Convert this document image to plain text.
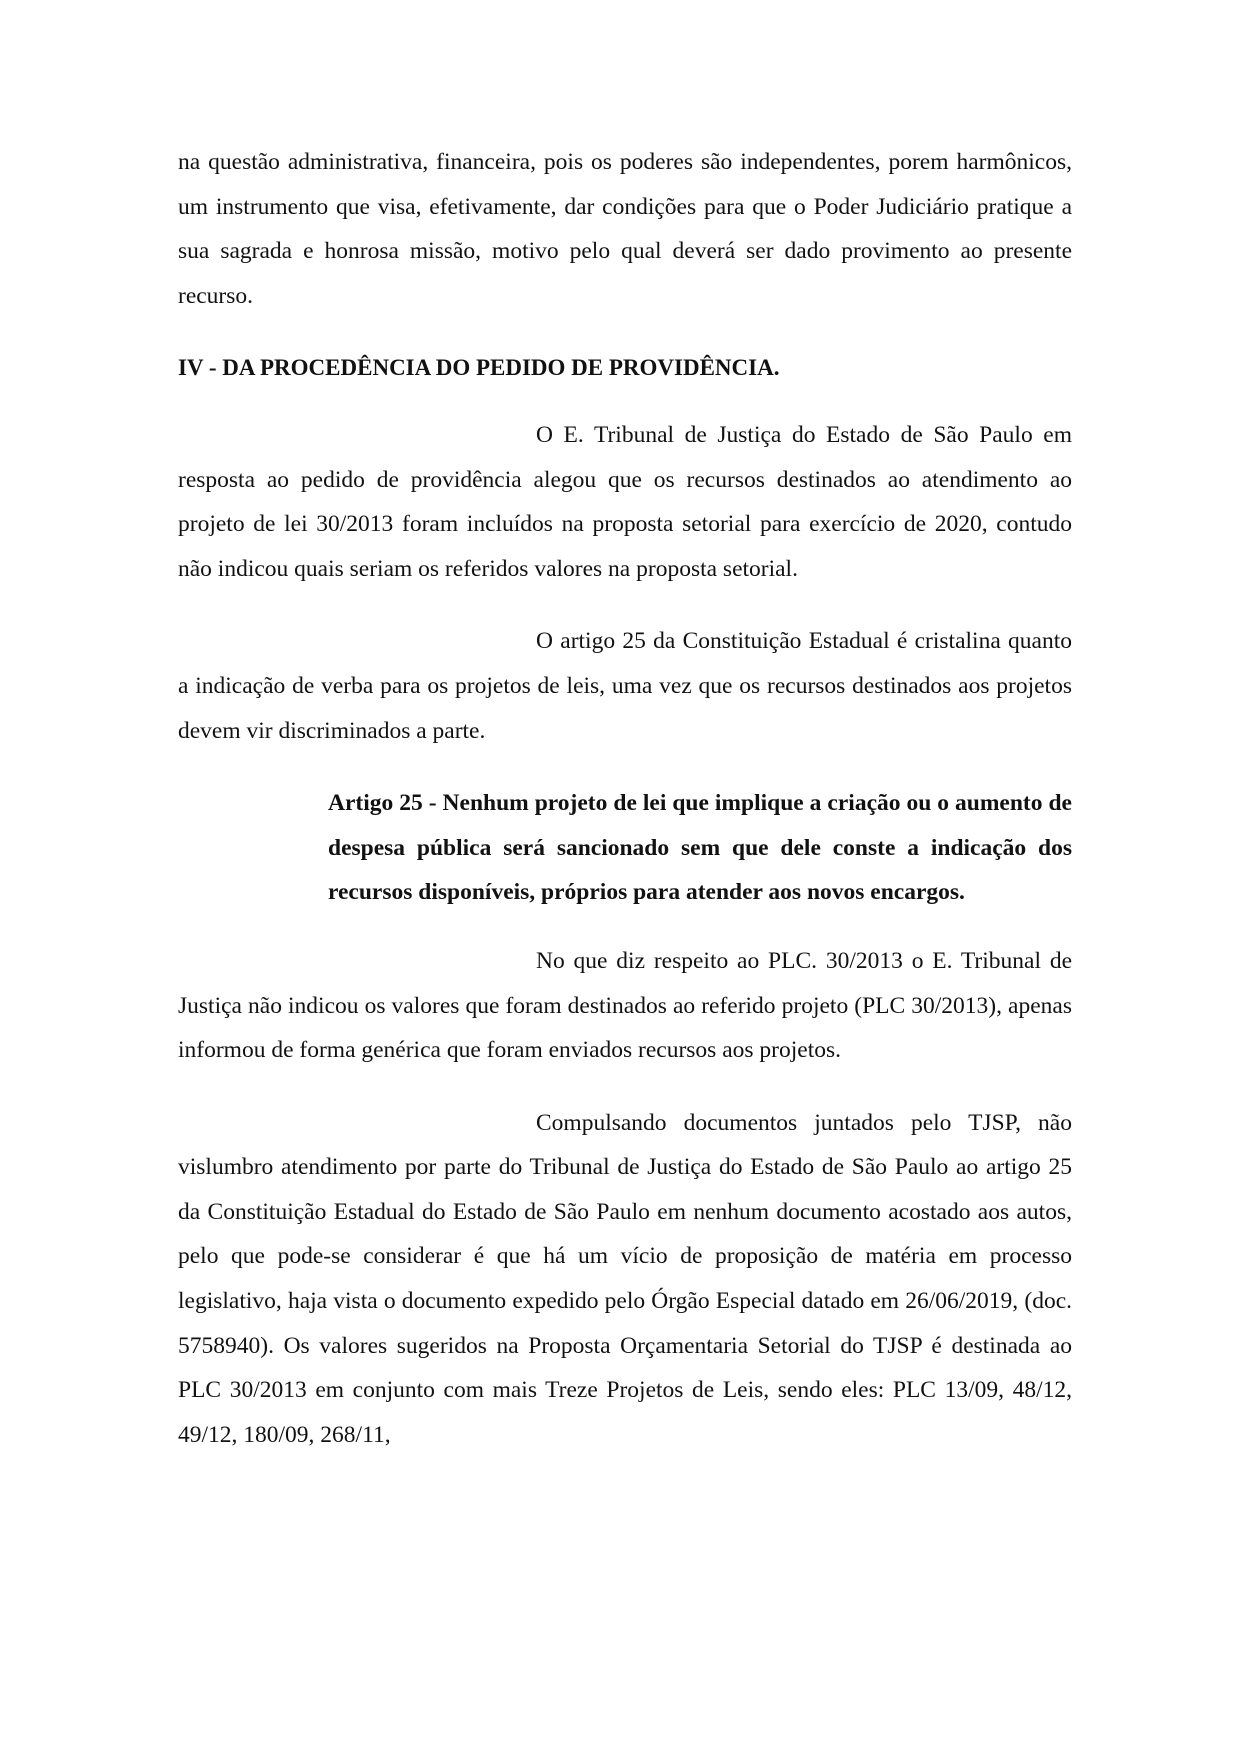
na questão administrativa, financeira, pois os poderes são independentes, porem harmônicos, um instrumento que visa, efetivamente, dar condições para que o Poder Judiciário pratique a sua sagrada e honrosa missão, motivo pelo qual deverá ser dado provimento ao presente recurso.

IV - DA PROCEDÊNCIA DO PEDIDO DE PROVIDÊNCIA.

O E. Tribunal de Justiça do Estado de São Paulo em resposta ao pedido de providência alegou que os recursos destinados ao atendimento ao projeto de lei 30/2013 foram incluídos na proposta setorial para exercício de 2020, contudo não indicou quais seriam os referidos valores na proposta setorial.

O artigo 25 da Constituição Estadual é cristalina quanto a indicação de verba para os projetos de leis, uma vez que os recursos destinados aos projetos devem vir discriminados a parte.

Artigo 25 - Nenhum projeto de lei que implique a criação ou o aumento de despesa pública será sancionado sem que dele conste a indicação dos recursos disponíveis, próprios para atender aos novos encargos.

No que diz respeito ao PLC. 30/2013 o E. Tribunal de Justiça não indicou os valores que foram destinados ao referido projeto (PLC 30/2013), apenas informou de forma genérica que foram enviados recursos aos projetos.

Compulsando documentos juntados pelo TJSP, não vislumbro atendimento por parte do Tribunal de Justiça do Estado de São Paulo ao artigo 25 da Constituição Estadual do Estado de São Paulo em nenhum documento acostado aos autos, pelo que pode-se considerar é que há um vício de proposição de matéria em processo legislativo, haja vista o documento expedido pelo Órgão Especial datado em 26/06/2019, (doc. 5758940). Os valores sugeridos na Proposta Orçamentaria Setorial do TJSP é destinada ao PLC 30/2013 em conjunto com mais Treze Projetos de Leis, sendo eles: PLC 13/09, 48/12, 49/12, 180/09, 268/11,
